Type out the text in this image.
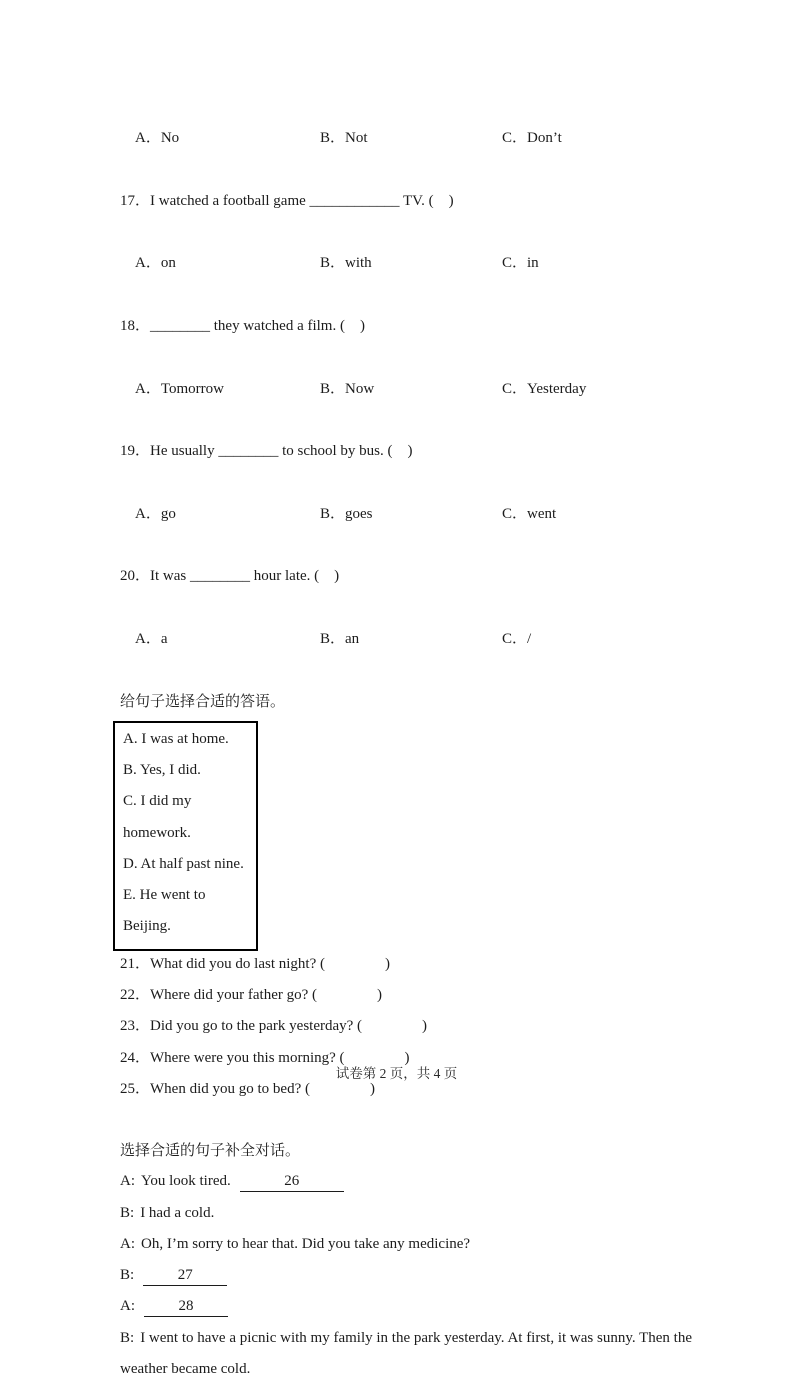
A．No	B．Not	C．Don’t

17．I watched a football game ____________ TV. (　)

A．on	B．with	C．in

18．________ they watched a film. (　)

A．Tomorrow	B．Now	C．Yesterday

19．He usually ________ to school by bus. (　)

A．go	B．goes	C．went

20．It was ________ hour late. (　)

A．a	B．an	C．/

给句子选择合适的答语。

A. I was at home.

B. Yes, I did.

C. I did my homework.

D. At half past nine.

E. He went to Beijing.

21．What did you do last night? (　　　　)

22．Where did your father go? (　　　　)

23．Did you go to the park yesterday? (　　　　)

24．Where were you this morning? (　　　　)

25．When did you go to bed? (　　　　)

选择合适的句子补全对话。

A: You look tired.	26

B: I had a cold.

A: Oh, I’m sorry to hear that. Did you take any medicine?

B:	27

A:	28

B: I went to have a picnic with my family in the park yesterday. At first, it was sunny. Then the weather became cold.

试卷第 2 页，共 4 页
